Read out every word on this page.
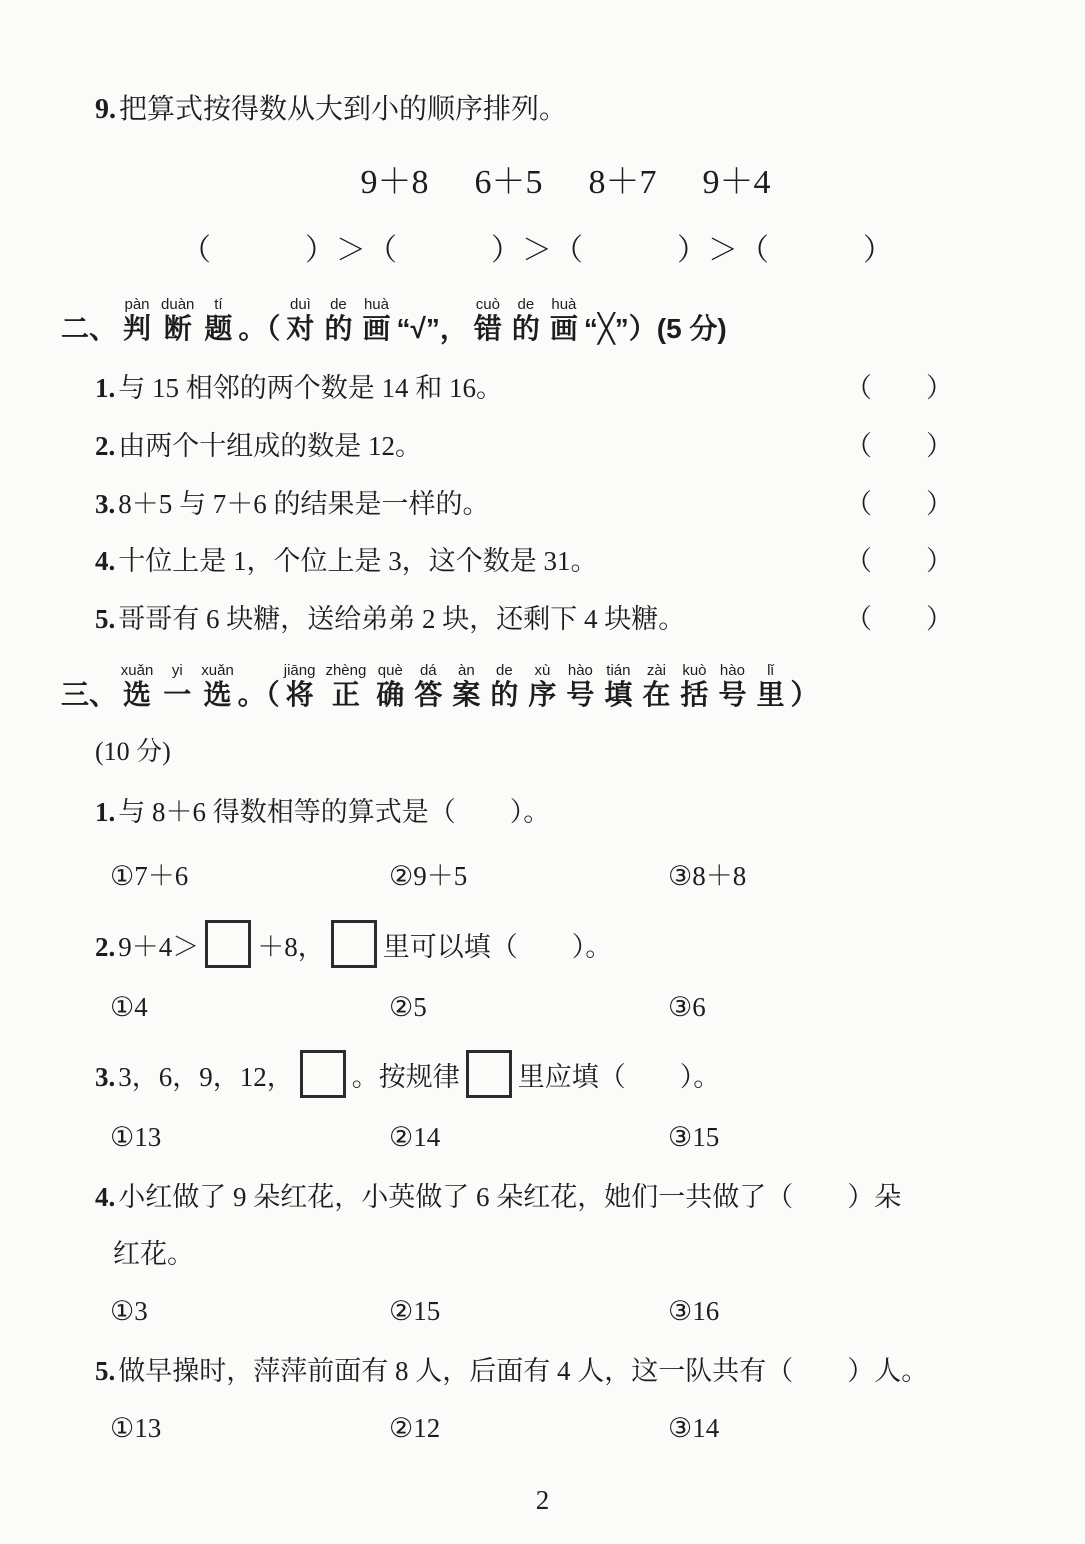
9. 把算式按得数从大到小的顺序排列。
9＋8 6＋5 8＋7 9＋4
（　　　）＞（　　　）＞（　　　）＞（　　　）
二、 判pàn断duàn题tí。（ 对duì的de画huà“√”， 错cuò的de画huà“╳”）(5 分)
1. 与 15 相邻的两个数是 14 和 16。	（　　）
2. 由两个十组成的数是 12。	（　　）
3. 8＋5 与 7＋6 的结果是一样的。	（　　）
4. 十位上是 1，个位上是 3，这个数是 31。	（　　）
5. 哥哥有 6 块糖，送给弟弟 2 块，还剩下 4 块糖。	（　　）
三、 选xuǎn一yi选xuǎn。（ 将jiāng正zhèng确què答dá案àn的de序xù号hào填tián在zài括kuò号hào里lǐ）
(10 分)
1. 与 8＋6 得数相等的算式是（　　）。
①7＋6	②9＋5	③8＋8
2. 9＋4＞ ＋8， 里可以填（　　）。
①4	②5	③6
3. 3，6，9，12， 。按规律 里应填（　　）。
①13	②14	③15
4. 小红做了 9 朵红花，小英做了 6 朵红花，她们一共做了（　　）朵
红花。
①3	②15	③16
5. 做早操时，萍萍前面有 8 人，后面有 4 人，这一队共有（　　）人。
①13	②12	③14
2
